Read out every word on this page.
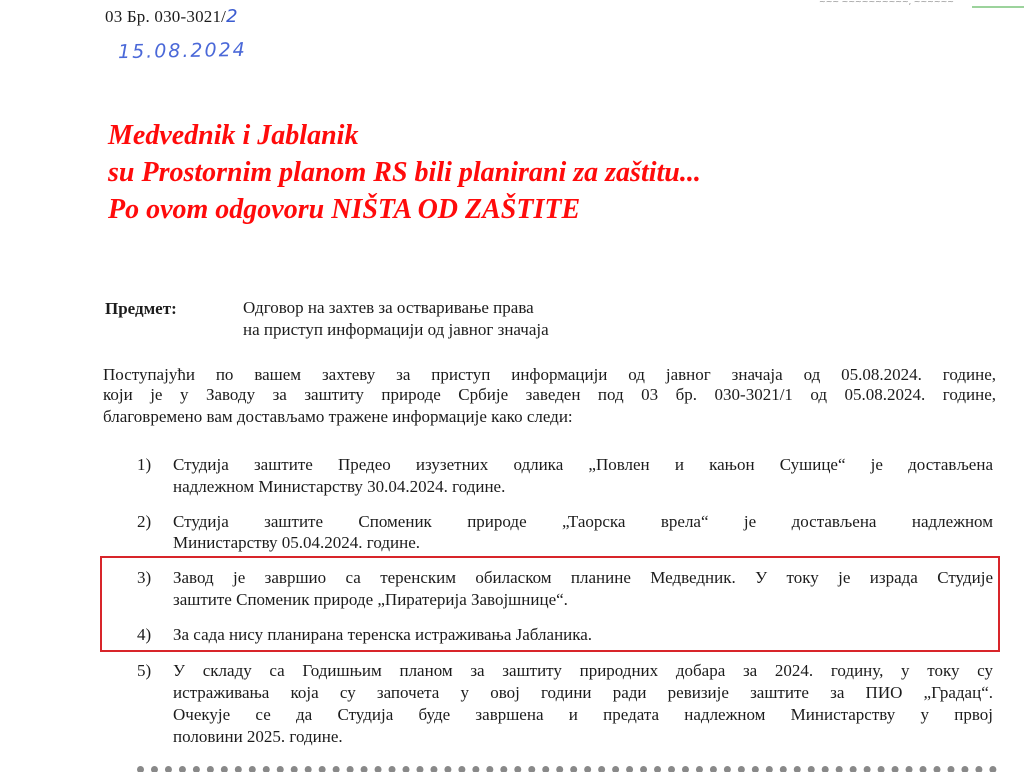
03 Бр. 030-3021/2
15.08.2024
~~~ ~~~~~~~~~~, ~~~~~~
Medvednik i Jablanik
su Prostornim planom RS bili planirani za zaštitu...
Po ovom odgovoru NIŠTA OD ZAŠTITE
Предмет:	Одговор на захтев за остваривање права
на приступ информацији од јавног значаја
Поступајући по вашем захтеву за приступ информацији од јавног значаја од 05.08.2024. године,
који је у Заводу за заштиту природе Србије заведен под 03 бр. 030-3021/1 од 05.08.2024. године,
благовремено вам достављамо тражене информације како следи:
1) Студија заштите Предео изузетних одлика „Повлен и кањон Сушице“ је достављена
надлежном Министарству 30.04.2024. године.
2) Студија заштите Споменик природе „Таорска врела“ је достављена надлежном
Министарству 05.04.2024. године.
3) Завод је завршио са теренским обиласком планине Медведник. У току је израда Студије
заштите Споменик природе „Пиратерија Завојшнице“.
4) За сада нису планирана теренска истраживања Јабланика.
5) У складу са Годишњим планом за заштиту природних добара за 2024. годину, у току су
истраживања која су започета у овој години ради ревизије заштите за ПИО „Градац“.
Очекује се да Студија буде завршена и предата надлежном Министарству у првој
половини 2025. године.
